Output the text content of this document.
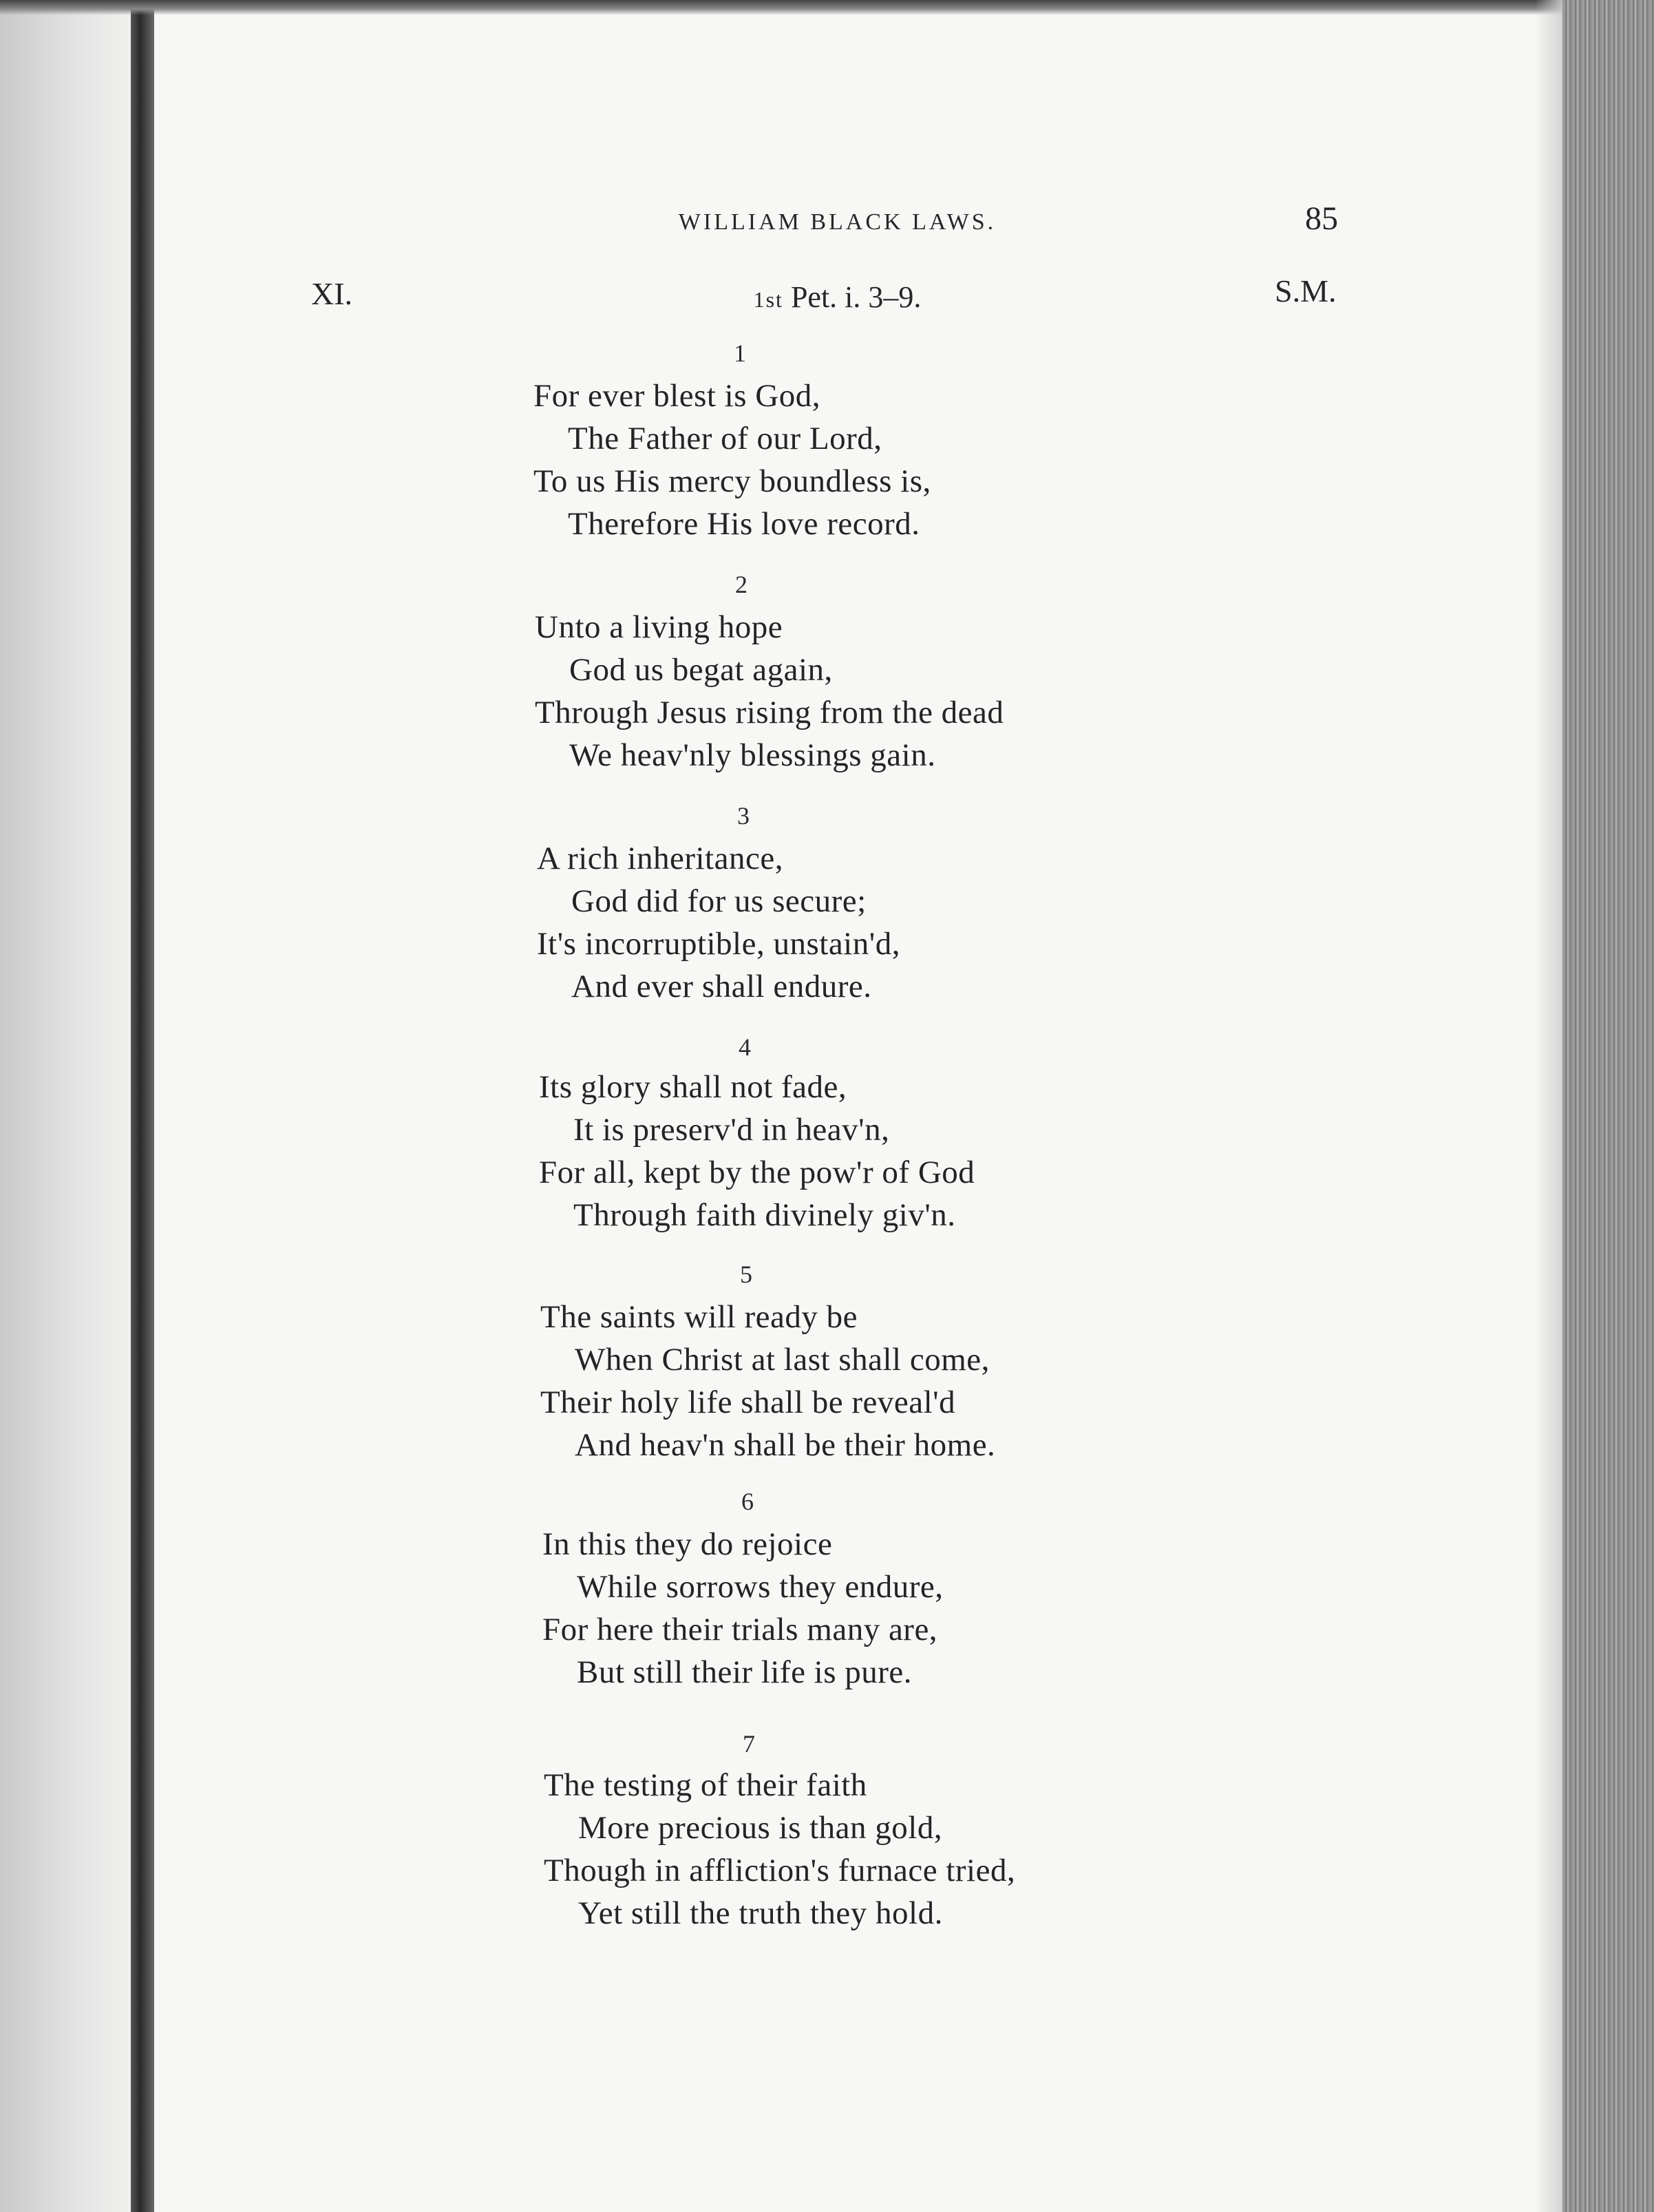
WILLIAM BLACK LAWS.	85
XI.	1st Pet. i. 3–9.	S.M.
1
For ever blest is God,
The Father of our Lord,
To us His mercy boundless is,
Therefore His love record.
2
Unto a living hope
God us begat again,
Through Jesus rising from the dead
We heav'nly blessings gain.
3
A rich inheritance,
God did for us secure;
It's incorruptible, unstain'd,
And ever shall endure.
4
Its glory shall not fade,
It is preserv'd in heav'n,
For all, kept by the pow'r of God
Through faith divinely giv'n.
5
The saints will ready be
When Christ at last shall come,
Their holy life shall be reveal'd
And heav'n shall be their home.
6
In this they do rejoice
While sorrows they endure,
For here their trials many are,
But still their life is pure.
7
The testing of their faith
More precious is than gold,
Though in affliction's furnace tried,
Yet still the truth they hold.
